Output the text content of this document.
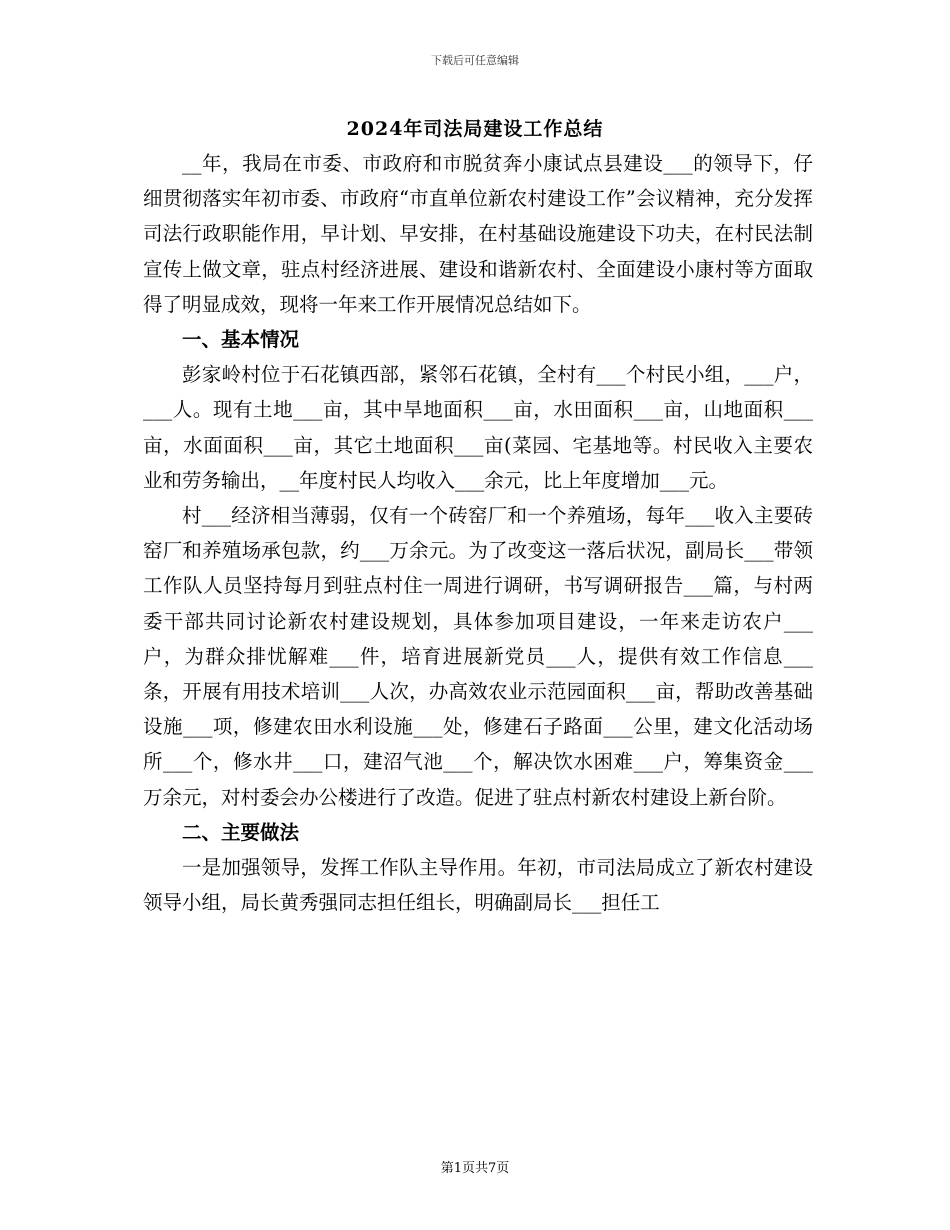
下载后可任意编辑
2024年司法局建设工作总结

__年，我局在市委、市政府和市脱贫奔小康试点县建设___的领导下，仔细贯彻落实年初市委、市政府“市直单位新农村建设工作”会议精神，充分发挥司法行政职能作用，早计划、早安排，在村基础设施建设下功夫，在村民法制宣传上做文章，驻点村经济进展、建设和谐新农村、全面建设小康村等方面取得了明显成效，现将一年来工作开展情况总结如下。

一、基本情况

彭家岭村位于石花镇西部，紧邻石花镇，全村有___个村民小组，___户，___人。现有土地___亩，其中旱地面积___亩，水田面积___亩，山地面积___亩，水面面积___亩，其它土地面积___亩(菜园、宅基地等。村民收入主要农业和劳务输出，__年度村民人均收入___余元，比上年度增加___元。

村___经济相当薄弱，仅有一个砖窑厂和一个养殖场，每年___收入主要砖窑厂和养殖场承包款，约___万余元。为了改变这一落后状况，副局长___带领工作队人员坚持每月到驻点村住一周进行调研，书写调研报告___篇，与村两委干部共同讨论新农村建设规划，具体参加项目建设，一年来走访农户___户，为群众排忧解难___件，培育进展新党员___人，提供有效工作信息___条，开展有用技术培训___人次，办高效农业示范园面积___亩，帮助改善基础设施___项，修建农田水利设施___处，修建石子路面___公里，建文化活动场所___个，修水井___口，建沼气池___个，解决饮水困难___户，筹集资金___万余元，对村委会办公楼进行了改造。促进了驻点村新农村建设上新台阶。

二、主要做法

一是加强领导，发挥工作队主导作用。年初，市司法局成立了新农村建设领导小组，局长黄秀强同志担任组长，明确副局长___担任工

第1页共7页
